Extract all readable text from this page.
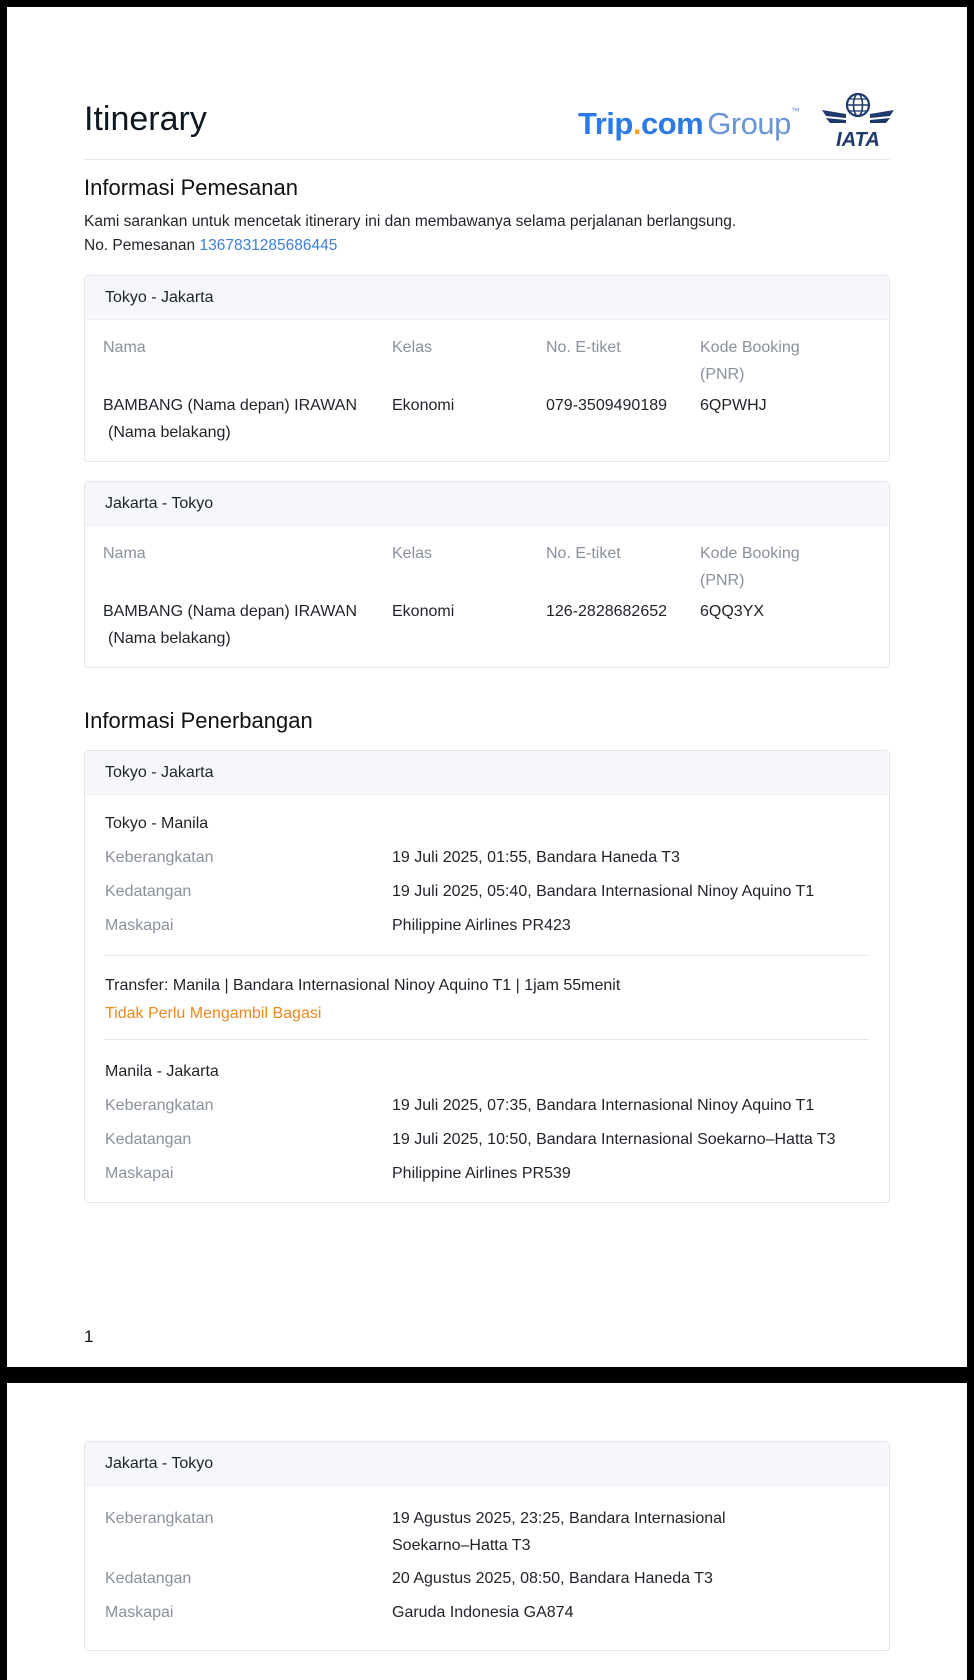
Itinerary	Trip.com Group™
IATA
Informasi Pemesanan
Kami sarankan untuk mencetak itinerary ini dan membawanya selama perjalanan berlangsung.
No. Pemesanan 1367831285686445
Tokyo - Jakarta
Nama	Kelas	No. E-tiket	Kode Booking
(PNR)
BAMBANG (Nama depan) IRAWAN
(Nama belakang)
Ekonomi	079-3509490189 6QPWHJ
Jakarta - Tokyo
Nama	Kelas	No. E-tiket	Kode Booking
(PNR)
BAMBANG (Nama depan) IRAWAN
(Nama belakang)
Ekonomi	126-2828682652 6QQ3YX
Informasi Penerbangan
Tokyo - Jakarta
Tokyo - Manila
Keberangkatan	19 Juli 2025, 01:55, Bandara Haneda T3
Kedatangan	19 Juli 2025, 05:40, Bandara Internasional Ninoy Aquino T1
Maskapai	Philippine Airlines PR423
Transfer: Manila | Bandara Internasional Ninoy Aquino T1 | 1jam 55menit
Tidak Perlu Mengambil Bagasi
Manila - Jakarta
Keberangkatan	19 Juli 2025, 07:35, Bandara Internasional Ninoy Aquino T1
Kedatangan	19 Juli 2025, 10:50, Bandara Internasional Soekarno–Hatta T3
Maskapai	Philippine Airlines PR539
1
Jakarta - Tokyo
Keberangkatan	19 Agustus 2025, 23:25, Bandara Internasional
Soekarno–Hatta T3
Kedatangan	20 Agustus 2025, 08:50, Bandara Haneda T3
Maskapai	Garuda Indonesia GA874
